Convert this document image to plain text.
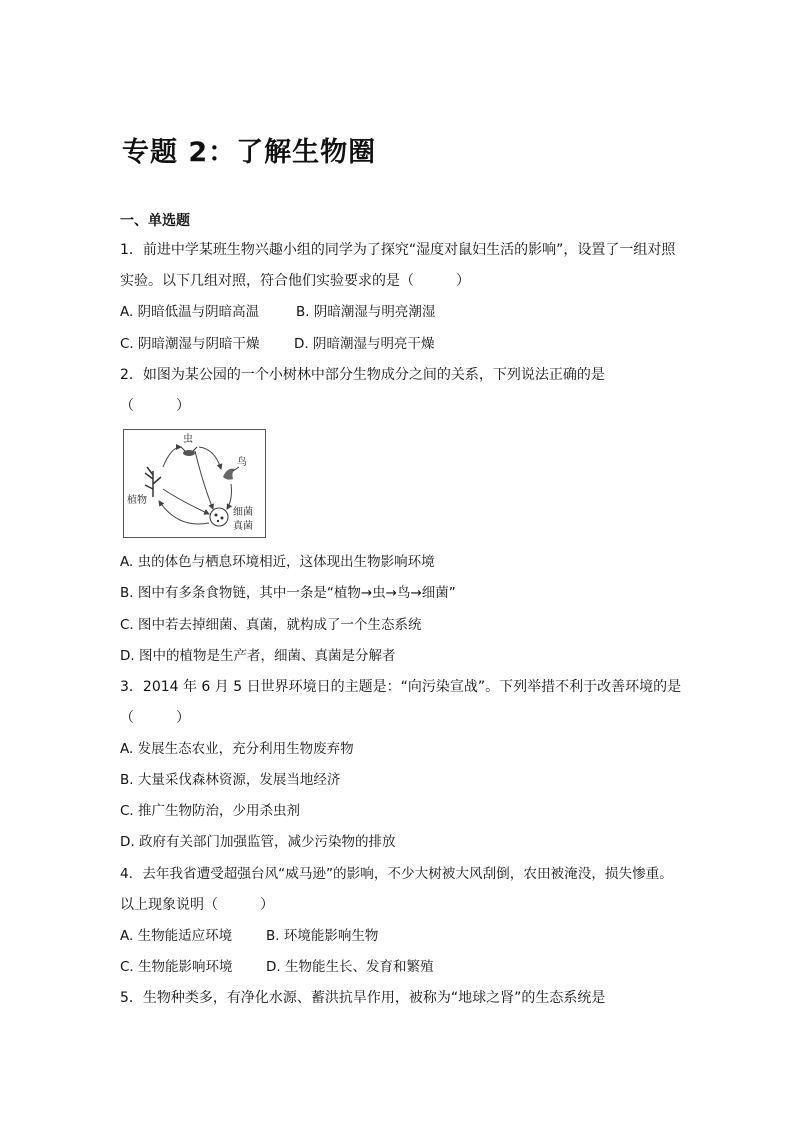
专题 2：了解生物圈
一、单选题
1．前进中学某班生物兴趣小组的同学为了探究“湿度对鼠妇生活的影响”，设置了一组对照
实验。以下几组对照，符合他们实验要求的是（　　　）
A. 阴暗低温与阴暗高温	B. 阴暗潮湿与明亮潮湿
C. 阴暗潮湿与阴暗干燥	D. 阴暗潮湿与明亮干燥
2．如图为某公园的一个小树林中部分生物成分之间的关系，下列说法正确的是
（　　　）
虫
鸟
植物
细菌
真菌
A. 虫的体色与栖息环境相近，这体现出生物影响环境
B. 图中有多条食物链，其中一条是“植物→虫→鸟→细菌”
C. 图中若去掉细菌、真菌，就构成了一个生态系统
D. 图中的植物是生产者，细菌、真菌是分解者
3．2014 年 6 月 5 日世界环境日的主题是：“向污染宣战”。下列举措不利于改善环境的是
（　　　）
A. 发展生态农业，充分利用生物废弃物
B. 大量采伐森林资源，发展当地经济
C. 推广生物防治，少用杀虫剂
D. 政府有关部门加强监管，减少污染物的排放
4．去年我省遭受超强台风“威马逊”的影响，不少大树被大风刮倒，农田被淹没，损失惨重。
以上现象说明（　　　）
A. 生物能适应环境	B. 环境能影响生物
C. 生物能影响环境 D. 生物能生长、发育和繁殖
5．生物种类多，有净化水源、蓄洪抗旱作用，被称为“地球之肾”的生态系统是
